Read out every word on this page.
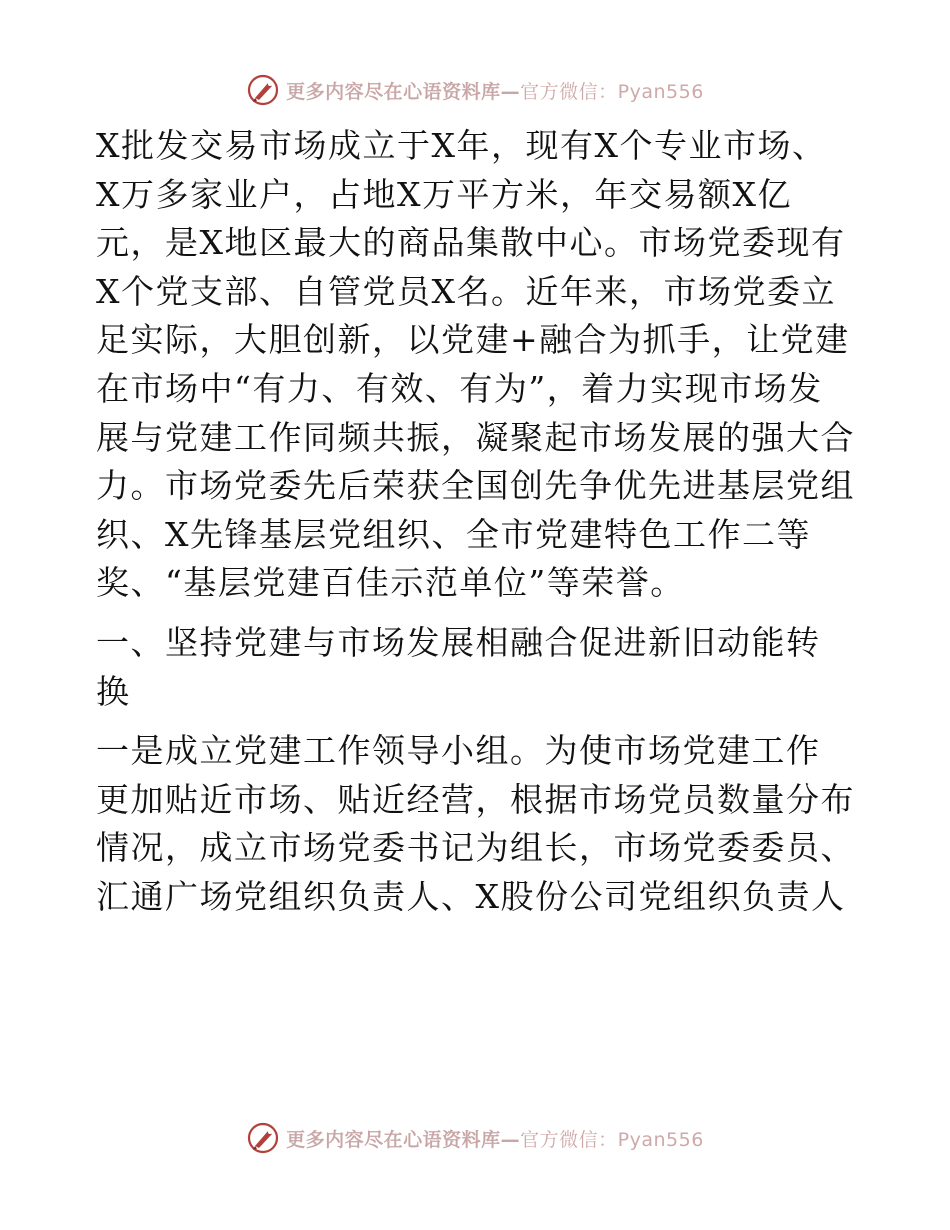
更多内容尽在心语资料库—官方微信：Pyan556
X批发交易市场成立于X年，现有X个专业市场、
X万多家业户，占地X万平方米，年交易额X亿
元，是X地区最大的商品集散中心。市场党委现有
X个党支部、自管党员X名。近年来，市场党委立
足实际，大胆创新，以党建+融合为抓手，让党建
在市场中“有力、有效、有为”，着力实现市场发
展与党建工作同频共振，凝聚起市场发展的强大合
力。市场党委先后荣获全国创先争优先进基层党组
织、X先锋基层党组织、全市党建特色工作二等
奖、“基层党建百佳示范单位”等荣誉。
一、坚持党建与市场发展相融合促进新旧动能转
换
一是成立党建工作领导小组。为使市场党建工作
更加贴近市场、贴近经营，根据市场党员数量分布
情况，成立市场党委书记为组长，市场党委委员、
汇通广场党组织负责人、X股份公司党组织负责人
更多内容尽在心语资料库—官方微信：Pyan556
